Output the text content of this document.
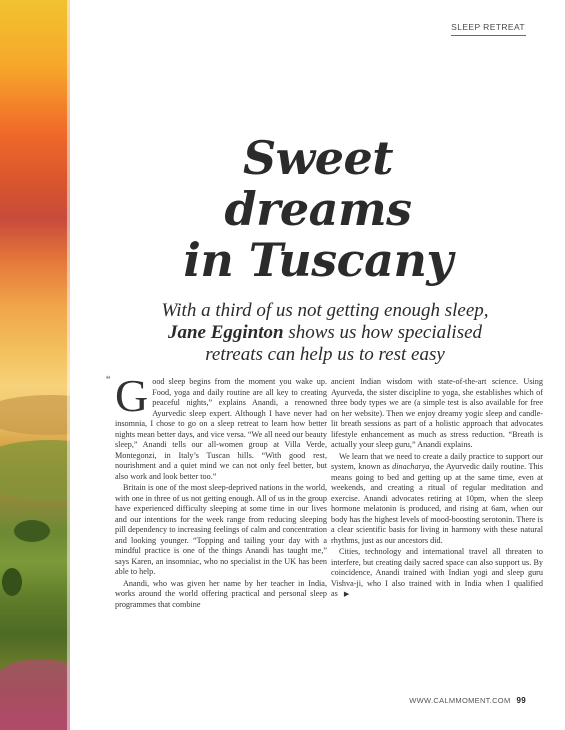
SLEEP RETREAT
Sweet
dreams
in Tuscany

With a third of us not getting enough sleep,
Jane Egginton shows us how specialised
retreats can help us to rest easy

“ G ood sleep begins from the moment you wake up. Food, yoga and daily routine are all key to creating peaceful nights,” explains Anandi, a renowned Ayurvedic sleep expert. Although I have never had insomnia, I chose to go on a sleep retreat to learn how better nights mean better days, and vice versa. “We all need our beauty sleep,” Anandi tells our all-women group at Villa Verde, Montegonzi, in Italy’s Tuscan hills. “With good rest, nourishment and a quiet mind we can not only feel better, but also work and look better too.”

Britain is one of the most sleep-deprived nations in the world, with one in three of us not getting enough. All of us in the group have experienced difficulty sleeping at some time in our lives and our intentions for the week range from reducing sleeping pill dependency to increasing feelings of calm and concentration and looking younger. “Topping and tailing your day with a mindful practice is one of the things Anandi has taught me,” says Karen, an insomniac, who no specialist in the UK has been able to help.

Anandi, who was given her name by her teacher in India, works around the world offering practical and personal sleep programmes that combine

ancient Indian wisdom with state-of-the-art science. Using Ayurveda, the sister discipline to yoga, she establishes which of three body types we are (a simple test is also available for free on her website). Then we enjoy dreamy yogic sleep and candle-lit breath sessions as part of a holistic approach that advocates lifestyle enhancement as much as stress reduction. “Breath is actually your sleep guru,” Anandi explains.

We learn that we need to create a daily practice to support our system, known as dinacharya, the Ayurvedic daily routine. This means going to bed and getting up at the same time, even at weekends, and creating a ritual of regular meditation and exercise. Anandi advocates retiring at 10pm, when the sleep hormone melatonin is produced, and rising at 6am, when our body has the highest levels of mood-boosting serotonin. There is a clear scientific basis for living in harmony with these natural rhythms, just as our ancestors did.

Cities, technology and international travel all threaten to interfere, but creating daily sacred space can also support us. By coincidence, Anandi trained with Indian yogi and sleep guru Vishva-ji, who I also trained with in India when I qualified as ▶

WWW.CALMMOMENT.COM 99
